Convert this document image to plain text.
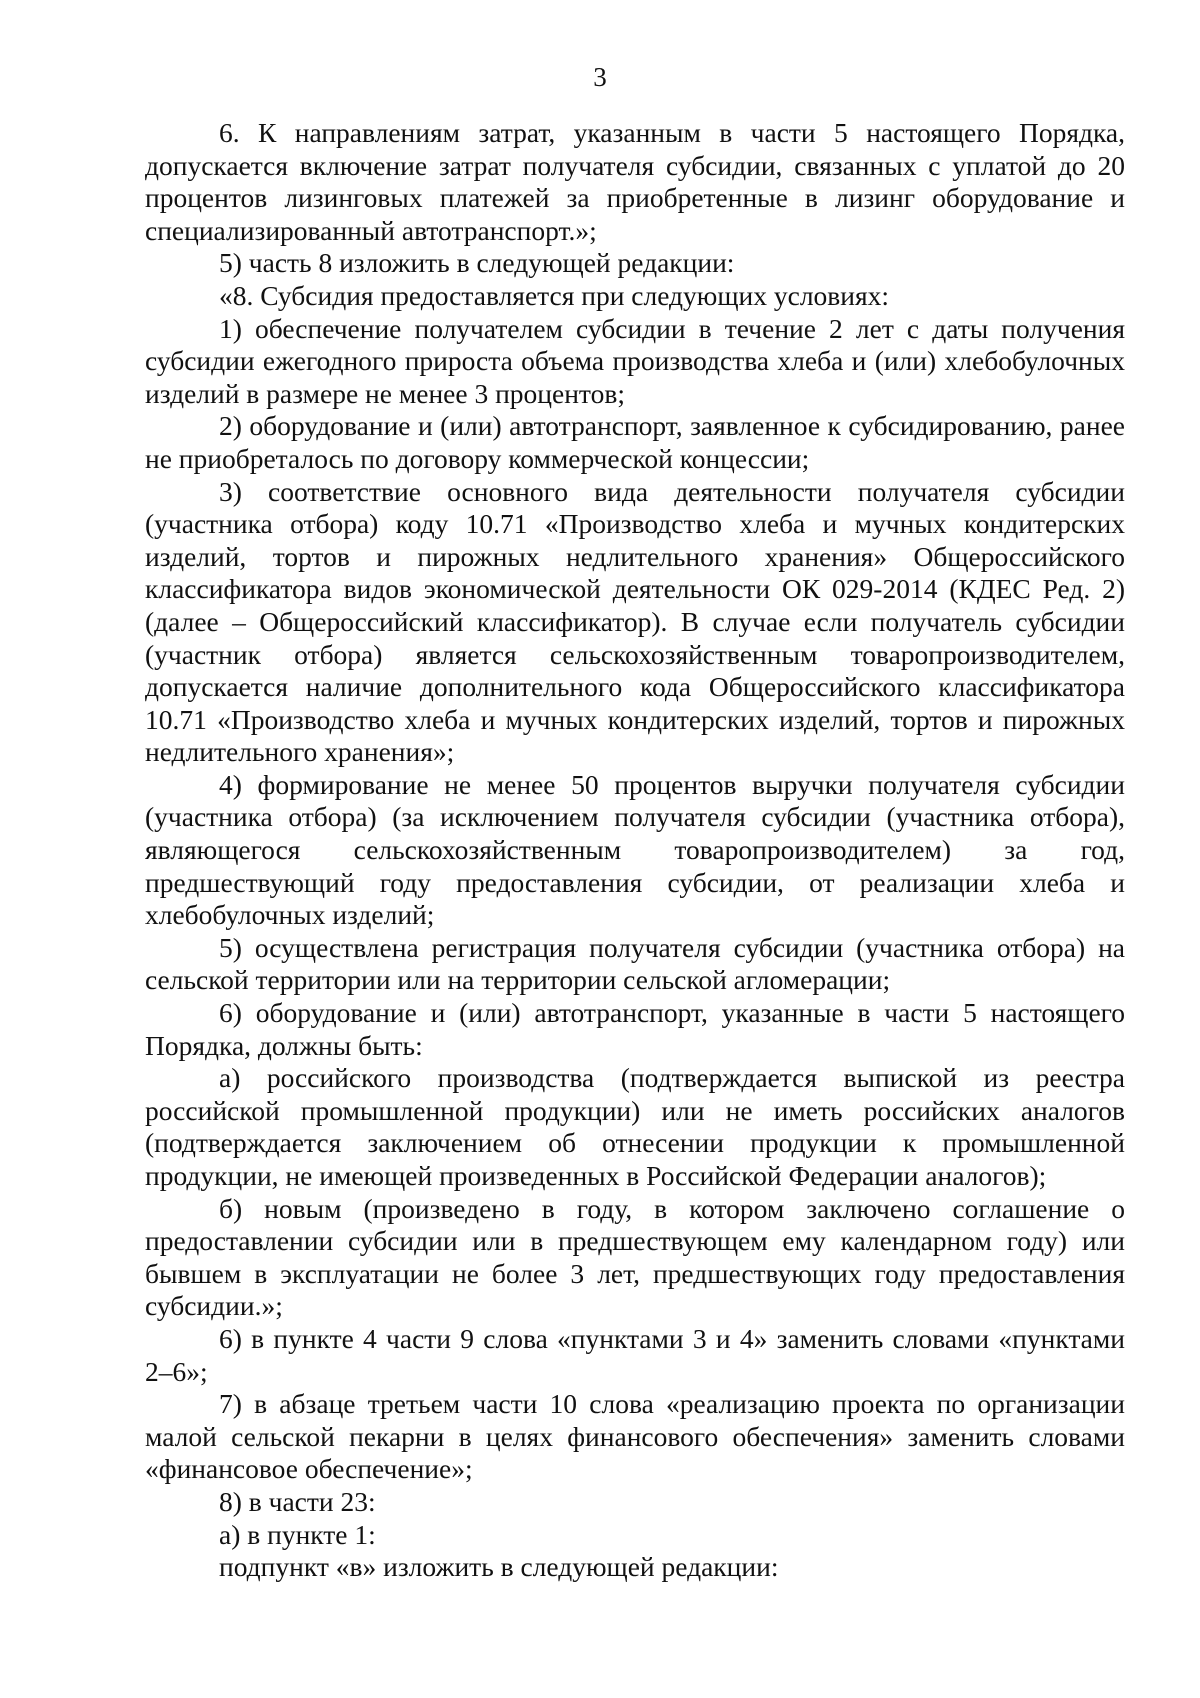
3

6. К направлениям затрат, указанным в части 5 настоящего Порядка, допускается включение затрат получателя субсидии, связанных с уплатой до 20 процентов лизинговых платежей за приобретенные в лизинг оборудование и специализированный автотранспорт.»;

5) часть 8 изложить в следующей редакции:

«8. Субсидия предоставляется при следующих условиях:

1) обеспечение получателем субсидии в течение 2 лет с даты получения субсидии ежегодного прироста объема производства хлеба и (или) хлебобулочных изделий в размере не менее 3 процентов;

2) оборудование и (или) автотранспорт, заявленное к субсидированию, ранее не приобреталось по договору коммерческой концессии;

3) соответствие основного вида деятельности получателя субсидии (участника отбора) коду 10.71 «Производство хлеба и мучных кондитерских изделий, тортов и пирожных недлительного хранения» Общероссийского классификатора видов экономической деятельности ОК 029-2014 (КДЕС Ред. 2) (далее – Общероссийский классификатор). В случае если получатель субсидии (участник отбора) является сельскохозяйственным товаропроизводителем, допускается наличие дополнительного кода Общероссийского классификатора 10.71 «Производство хлеба и мучных кондитерских изделий, тортов и пирожных недлительного хранения»;

4) формирование не менее 50 процентов выручки получателя субсидии (участника отбора) (за исключением получателя субсидии (участника отбора), являющегося сельскохозяйственным товаропроизводителем) за год, предшествующий году предоставления субсидии, от реализации хлеба и хлебобулочных изделий;

5) осуществлена регистрация получателя субсидии (участника отбора) на сельской территории или на территории сельской агломерации;

6) оборудование и (или) автотранспорт, указанные в части 5 настоящего Порядка, должны быть:

а) российского производства (подтверждается выпиской из реестра российской промышленной продукции) или не иметь российских аналогов (подтверждается заключением об отнесении продукции к промышленной продукции, не имеющей произведенных в Российской Федерации аналогов);

б) новым (произведено в году, в котором заключено соглашение о предоставлении субсидии или в предшествующем ему календарном году) или бывшем в эксплуатации не более 3 лет, предшествующих году предоставления субсидии.»;

6) в пункте 4 части 9 слова «пунктами 3 и 4» заменить словами «пунктами 2–6»;

7) в абзаце третьем части 10 слова «реализацию проекта по организации малой сельской пекарни в целях финансового обеспечения» заменить словами «финансовое обеспечение»;

8) в части 23:

а) в пункте 1:

подпункт «в» изложить в следующей редакции:
